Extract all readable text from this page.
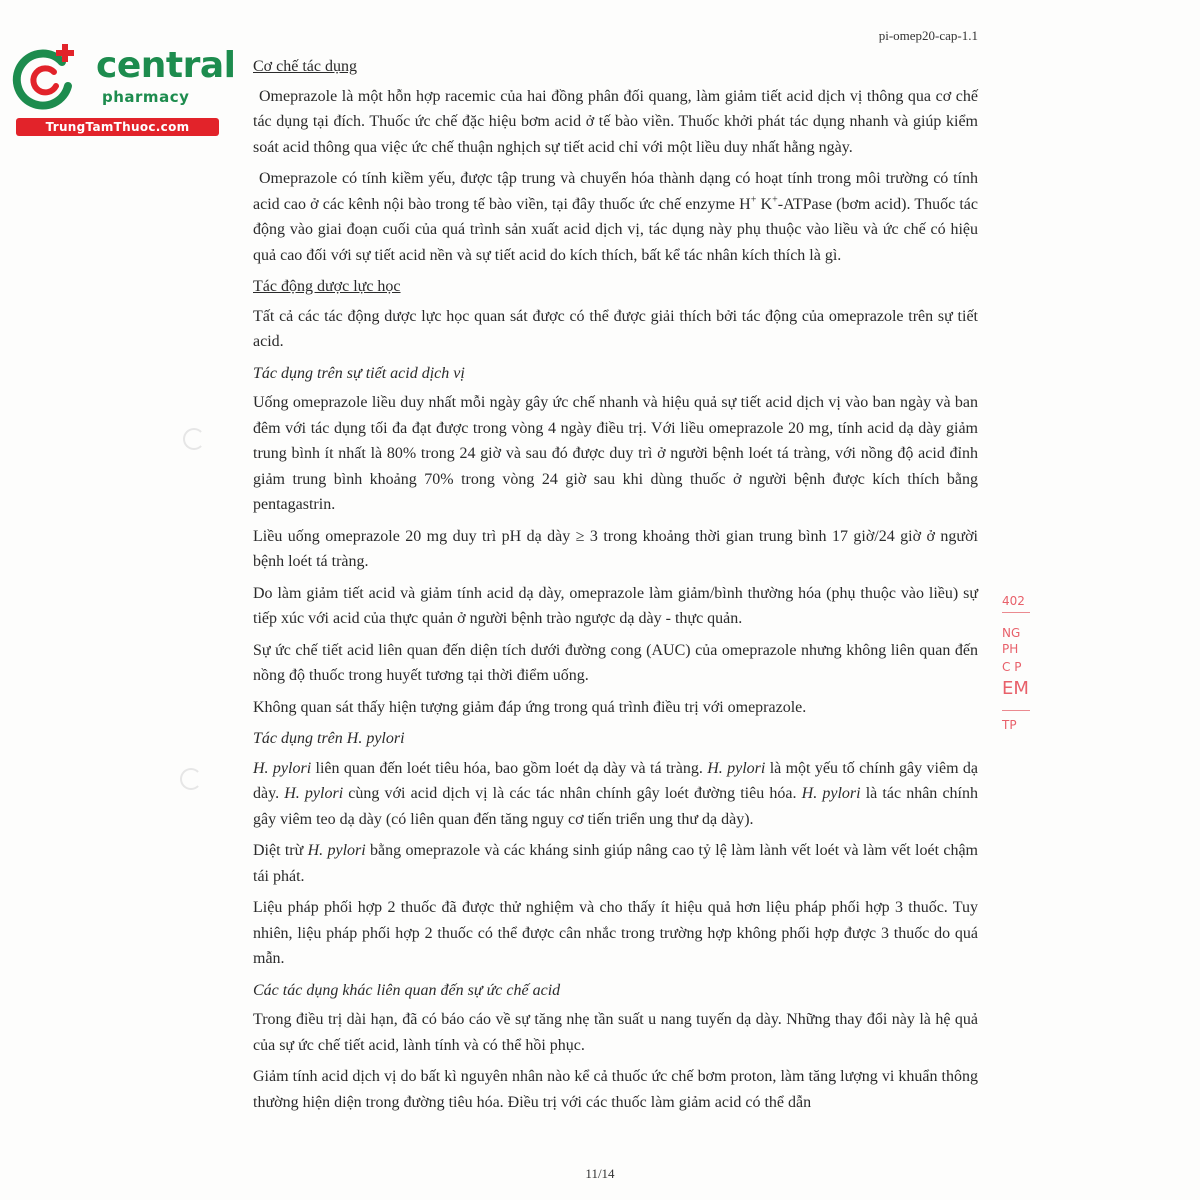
central
pharmacy
TrungTamThuoc.com
pi-omep20-cap-1.1
402
NG
PH
C P
EM
TP
Cơ chế tác dụng

Omeprazole là một hỗn hợp racemic của hai đồng phân đối quang, làm giảm tiết acid dịch vị thông qua cơ chế tác dụng tại đích. Thuốc ức chế đặc hiệu bơm acid ở tế bào viền. Thuốc khởi phát tác dụng nhanh và giúp kiểm soát acid thông qua việc ức chế thuận nghịch sự tiết acid chỉ với một liều duy nhất hằng ngày.

Omeprazole có tính kiềm yếu, được tập trung và chuyển hóa thành dạng có hoạt tính trong môi trường có tính acid cao ở các kênh nội bào trong tế bào viền, tại đây thuốc ức chế enzyme H+ K+-ATPase (bơm acid). Thuốc tác động vào giai đoạn cuối của quá trình sản xuất acid dịch vị, tác dụng này phụ thuộc vào liều và ức chế có hiệu quả cao đối với sự tiết acid nền và sự tiết acid do kích thích, bất kể tác nhân kích thích là gì.

Tác động dược lực học

Tất cả các tác động dược lực học quan sát được có thể được giải thích bởi tác động của omeprazole trên sự tiết acid.

Tác dụng trên sự tiết acid dịch vị

Uống omeprazole liều duy nhất mỗi ngày gây ức chế nhanh và hiệu quả sự tiết acid dịch vị vào ban ngày và ban đêm với tác dụng tối đa đạt được trong vòng 4 ngày điều trị. Với liều omeprazole 20 mg, tính acid dạ dày giảm trung bình ít nhất là 80% trong 24 giờ và sau đó được duy trì ở người bệnh loét tá tràng, với nồng độ acid đỉnh giảm trung bình khoảng 70% trong vòng 24 giờ sau khi dùng thuốc ở người bệnh được kích thích bằng pentagastrin.

Liều uống omeprazole 20 mg duy trì pH dạ dày ≥ 3 trong khoảng thời gian trung bình 17 giờ/24 giờ ở người bệnh loét tá tràng.

Do làm giảm tiết acid và giảm tính acid dạ dày, omeprazole làm giảm/bình thường hóa (phụ thuộc vào liều) sự tiếp xúc với acid của thực quản ở người bệnh trào ngược dạ dày - thực quản.

Sự ức chế tiết acid liên quan đến diện tích dưới đường cong (AUC) của omeprazole nhưng không liên quan đến nồng độ thuốc trong huyết tương tại thời điểm uống.

Không quan sát thấy hiện tượng giảm đáp ứng trong quá trình điều trị với omeprazole.

Tác dụng trên H. pylori

H. pylori liên quan đến loét tiêu hóa, bao gồm loét dạ dày và tá tràng. H. pylori là một yếu tố chính gây viêm dạ dày. H. pylori cùng với acid dịch vị là các tác nhân chính gây loét đường tiêu hóa. H. pylori là tác nhân chính gây viêm teo dạ dày (có liên quan đến tăng nguy cơ tiến triển ung thư dạ dày).

Diệt trừ H. pylori bằng omeprazole và các kháng sinh giúp nâng cao tỷ lệ làm lành vết loét và làm vết loét chậm tái phát.

Liệu pháp phối hợp 2 thuốc đã được thử nghiệm và cho thấy ít hiệu quả hơn liệu pháp phối hợp 3 thuốc. Tuy nhiên, liệu pháp phối hợp 2 thuốc có thể được cân nhắc trong trường hợp không phối hợp được 3 thuốc do quá mẫn.

Các tác dụng khác liên quan đến sự ức chế acid

Trong điều trị dài hạn, đã có báo cáo về sự tăng nhẹ tần suất u nang tuyến dạ dày. Những thay đổi này là hệ quả của sự ức chế tiết acid, lành tính và có thể hồi phục.

Giảm tính acid dịch vị do bất kì nguyên nhân nào kể cả thuốc ức chế bơm proton, làm tăng lượng vi khuẩn thông thường hiện diện trong đường tiêu hóa. Điều trị với các thuốc làm giảm acid có thể dẫn

11/14
